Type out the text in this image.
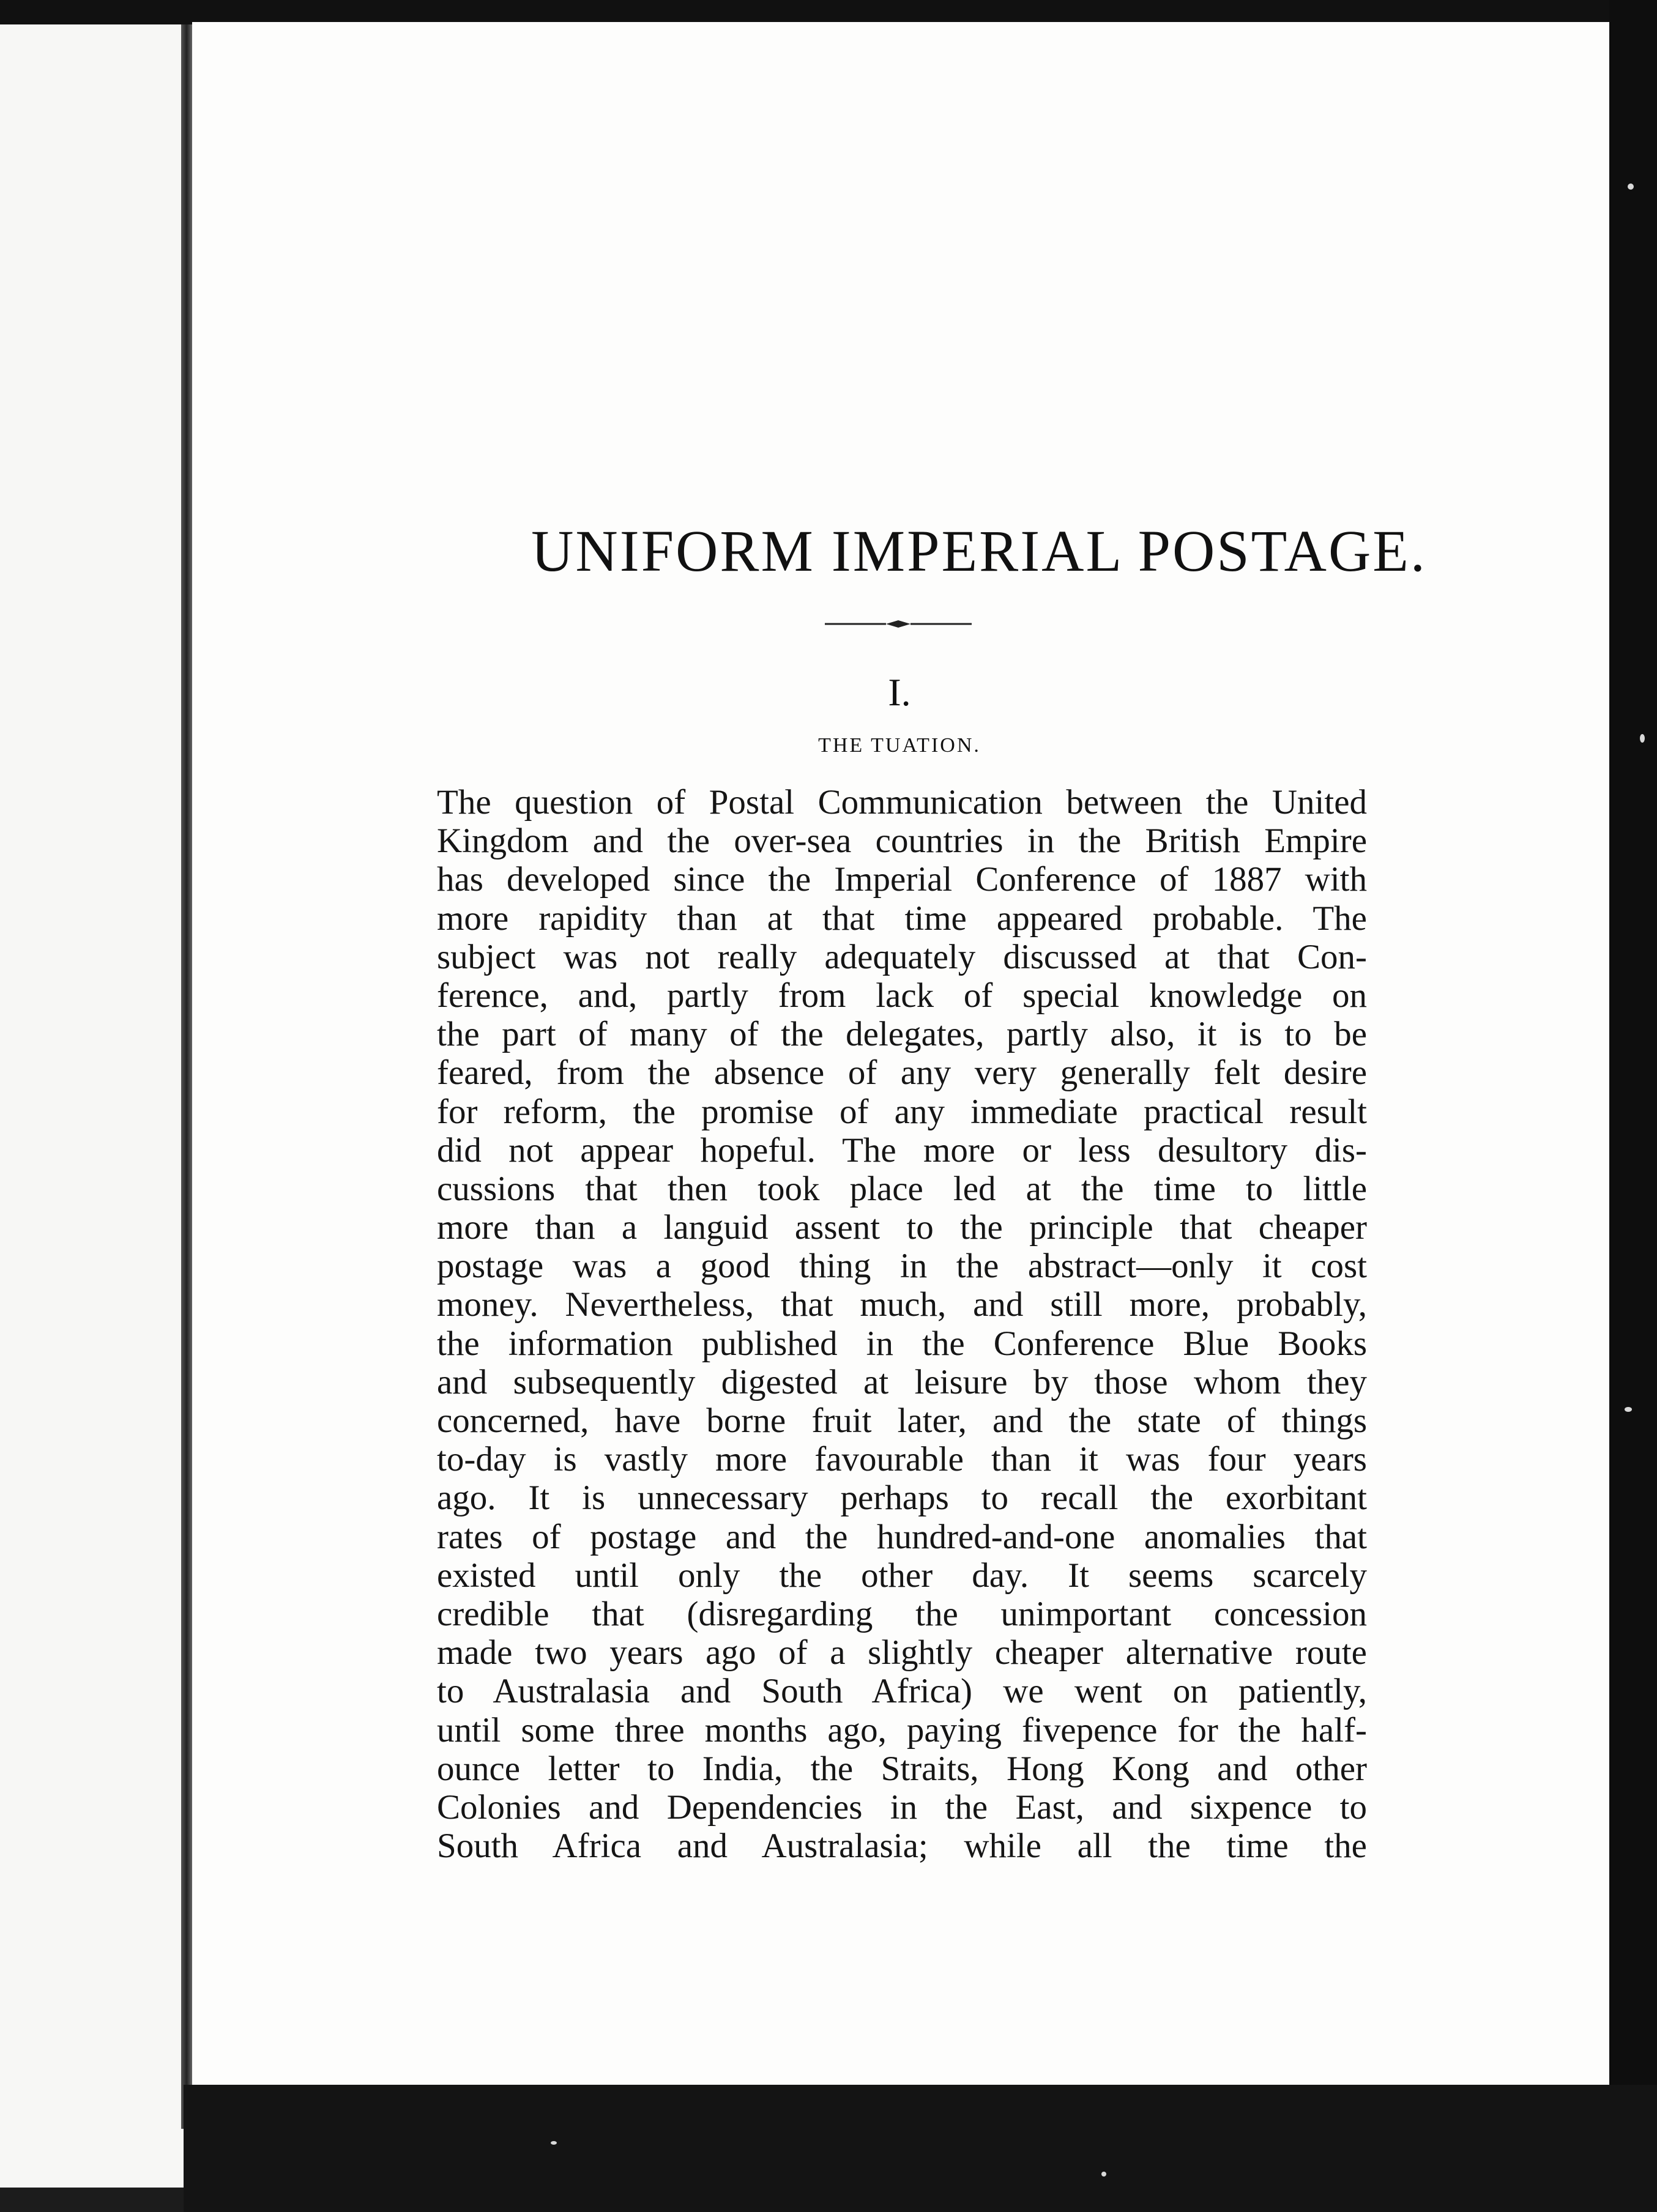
UNIFORM IMPERIAL POSTAGE.
I.
THE TUATION.
The question of Postal Communication between the United
Kingdom and the over-sea countries in the British Empire
has developed since the Imperial Conference of 1887 with
more rapidity than at that time appeared probable. The
subject was not really adequately discussed at that Con-
ference, and, partly from lack of special knowledge on
the part of many of the delegates, partly also, it is to be
feared, from the absence of any very generally felt desire
for reform, the promise of any immediate practical result
did not appear hopeful. The more or less desultory dis-
cussions that then took place led at the time to little
more than a languid assent to the principle that cheaper
postage was a good thing in the abstract—only it cost
money. Nevertheless, that much, and still more, probably,
the information published in the Conference Blue Books
and subsequently digested at leisure by those whom they
concerned, have borne fruit later, and the state of things
to-day is vastly more favourable than it was four years
ago. It is unnecessary perhaps to recall the exorbitant
rates of postage and the hundred-and-one anomalies that
existed until only the other day. It seems scarcely
credible that (disregarding the unimportant concession
made two years ago of a slightly cheaper alternative route
to Australasia and South Africa) we went on patiently,
until some three months ago, paying fivepence for the half-
ounce letter to India, the Straits, Hong Kong and other
Colonies and Dependencies in the East, and sixpence to
South Africa and Australasia; while all the time the
